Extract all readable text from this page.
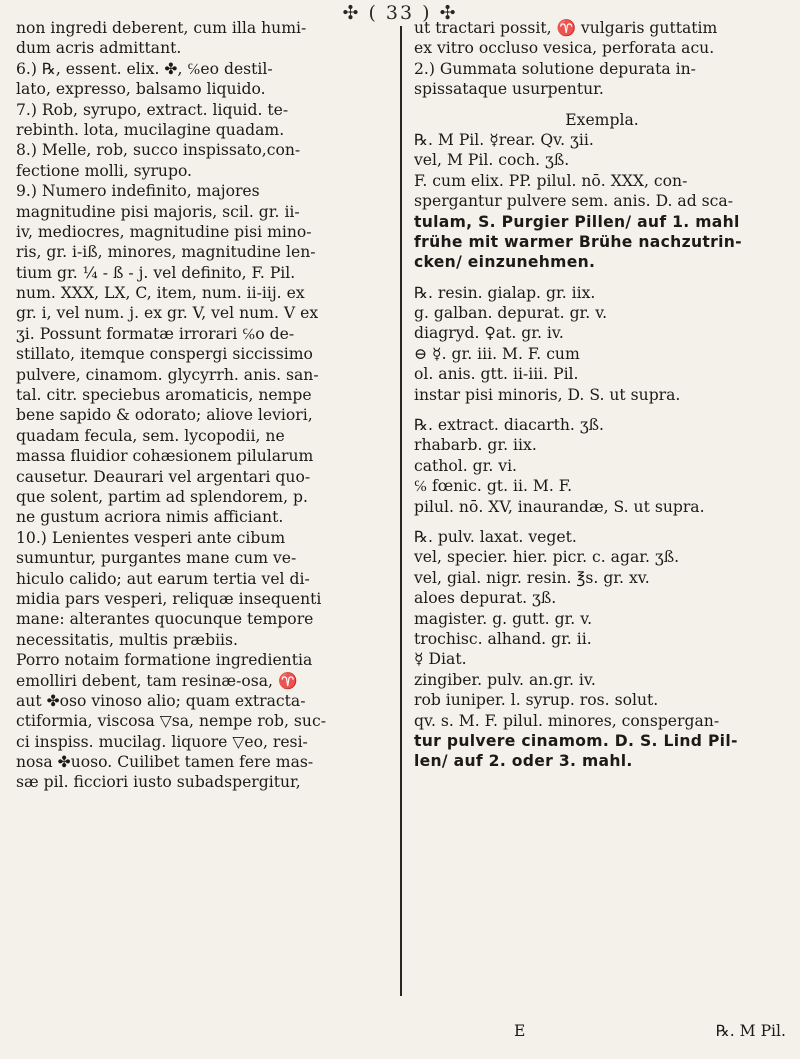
✣ ( 33 ) ✣
non ingredi deberent, cum illa humi-
dum acris admittant.
6.) ℞, essent. elix. ✤, ℅eo destil-
lato, expresso, balsamo liquido.
7.) Rob, syrupo, extract. liquid. te-
rebinth. lota, mucilagine quadam.
8.) Melle, rob, succo inspissato,con-
fectione molli, syrupo.
9.) Numero indefinito, majores
magnitudine pisi majoris, scil. gr. ii-
iv, mediocres, magnitudine pisi mino-
ris, gr. i-iß, minores, magnitudine len-
tium gr. ¼ - ß - j. vel definito, F. Pil.
num. XXX, LX, C, item, num. ii-iij. ex
gr. i, vel num. j. ex gr. V, vel num. V ex
ʒi. Possunt formatæ irrorari ℅o de-
stillato, itemque conspergi siccissimo
pulvere, cinamom. glycyrrh. anis. san-
tal. citr. speciebus aromaticis, nempe
bene sapido & odorato; aliove leviori,
quadam fecula, sem. lycopodii, ne
massa fluidior cohæsionem pilularum
causetur. Deaurari vel argentari quo-
que solent, partim ad splendorem, p.
ne gustum acriora nimis afficiant.
10.) Lenientes vesperi ante cibum
sumuntur, purgantes mane cum ve-
hiculo calido; aut earum tertia vel di-
midia pars vesperi, reliquæ insequenti
mane: alterantes quocunque tempore
necessitatis, multis præbiis.
Porro notaim formatione ingredientia
emolliri debent, tam resinæ-osa, ♈
aut ✤oso vinoso alio; quam extracta-
ctiformia, viscosa ▽sa, nempe rob, suc-
ci inspiss. mucilag. liquore ▽eo, resi-
nosa ✤uoso. Cuilibet tamen fere mas-
sæ pil. ficciori iusto subadspergitur,
ut tractari possit, ♈ vulgaris guttatim
ex vitro occluso vesica, perforata acu.
2.) Gummata solutione depurata in-
spissataque usurpentur.
Exempla.
℞. M Pil. ☿rear. Qv. ʒii.
vel, M Pil. coch. ʒß.
F. cum elix. PP. pilul. nō. XXX, con-
spergantur pulvere sem. anis. D. ad sca-
tulam, S. Purgier Pillen/ auf 1. mahl
frühe mit warmer Brühe nachzutrin-
cken/ einzunehmen.
℞. resin. gialap. gr. iix.
g. galban. depurat. gr. v.
diagryd. ♀at. gr. iv.
⊖ ☿. gr. iii. M. F. cum
ol. anis. gtt. ii-iii. Pil.
instar pisi minoris, D. S. ut supra.
℞. extract. diacarth. ʒß.
rhabarb. gr. iix.
cathol. gr. vi.
℅ fœnic. gt. ii. M. F.
pilul. nō. XV, inaurandæ, S. ut supra.
℞. pulv. laxat. veget.
vel, specier. hier. picr. c. agar. ʒß.
vel, gial. nigr. resin. ℥s. gr. xv.
aloes depurat. ʒß.
magister. g. gutt. gr. v.
trochisc. alhand. gr. ii.
☿ Diat.
zingiber. pulv. an.gr. iv.
rob iuniper. l. syrup. ros. solut.
qv. s. M. F. pilul. minores, conspergan-
tur pulvere cinamom. D. S. Lind Pil-
len/ auf 2. oder 3. mahl.
E	℞. M Pil.
